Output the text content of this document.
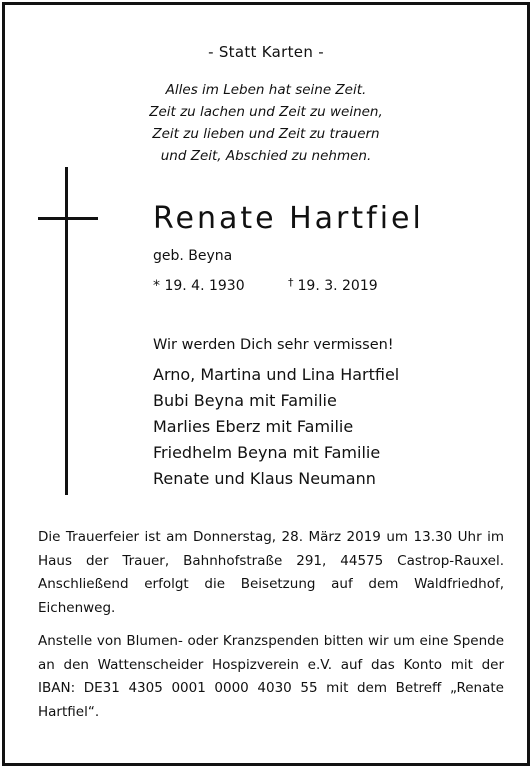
- Statt Karten -
Alles im Leben hat seine Zeit.
Zeit zu lachen und Zeit zu weinen,
Zeit zu lieben und Zeit zu trauern
und Zeit, Abschied zu nehmen.
Renate Hartfiel
geb. Beyna
* 19. 4. 1930	† 19. 3. 2019
Wir werden Dich sehr vermissen!
Arno, Martina und Lina Hartfiel
Bubi Beyna mit Familie
Marlies Eberz mit Familie
Friedhelm Beyna mit Familie
Renate und Klaus Neumann
Die Trauerfeier ist am Donnerstag, 28. März 2019 um 13.30 Uhr im Haus der Trauer, Bahnhofstraße 291, 44575 Castrop-Rauxel. Anschließend erfolgt die Beisetzung auf dem Waldfriedhof, Eichenweg.
Anstelle von Blumen- oder Kranzspenden bitten wir um eine Spende an den Wattenscheider Hospizverein e.V. auf das Konto mit der IBAN: DE31 4305 0001 0000 4030 55 mit dem Betreff „Renate Hartfiel“.
